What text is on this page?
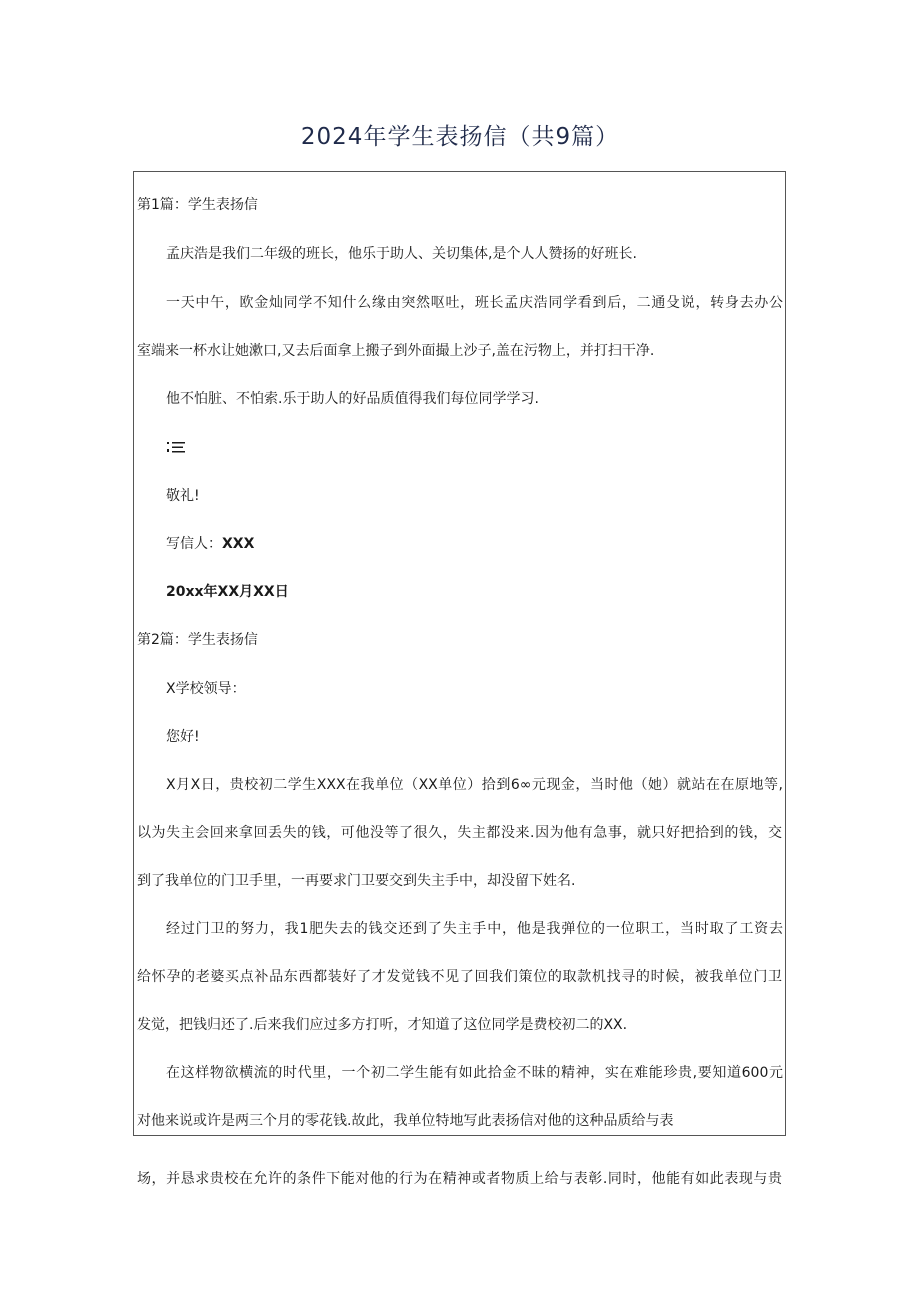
2024年学生表扬信（共9篇）
第1篇：学生表扬信
孟庆浩是我们二年级的班长，他乐于助人、关切集体,是个人人赞扬的好班长.
一天中午，欧金灿同学不知什么缘由突然呕吐，班长孟庆浩同学看到后，二通殳说，转身去办公
室端来一杯水让她漱口,又去后面拿上搬子到外面撮上沙子,盖在污物上，并打扫干净.
他不怕脏、不怕索.乐于助人的好品质值得我们每位同学学习.
敬礼!
写信人：XXX
20xx年XX月XX日
第2篇：学生表扬信
X学校领导：
您好!
X月X日，贵校初二学生XXX在我单位（XX单位）拾到6∞元现金，当时他（她）就站在在原地等,
以为失主会回来拿回丢失的钱，可他没等了很久，失主都没来.因为他有急事，就只好把拾到的钱，交
到了我单位的门卫手里，一再要求门卫要交到失主手中，却没留下姓名.
经过门卫的努力，我1肥失去的钱交还到了失主手中，他是我弹位的一位职工，当时取了工资去
给怀孕的老婆买点补品东西都装好了才发觉钱不见了回我们策位的取款机找寻的时候，被我单位门卫
发觉，把钱归还了.后来我们应过多方打听，才知道了这位同学是费校初二的XX.
在这样物欲横流的时代里，一个初二学生能有如此拾金不昧的精神，实在难能珍贵,要知道600元
对他来说或许是两三个月的零花钱.故此，我单位特地写此表扬信对他的这种品质给与表
场，并恳求贵校在允许的条件下能对他的行为在精神或者物质上给与表彰.同时，他能有如此表现与贵
